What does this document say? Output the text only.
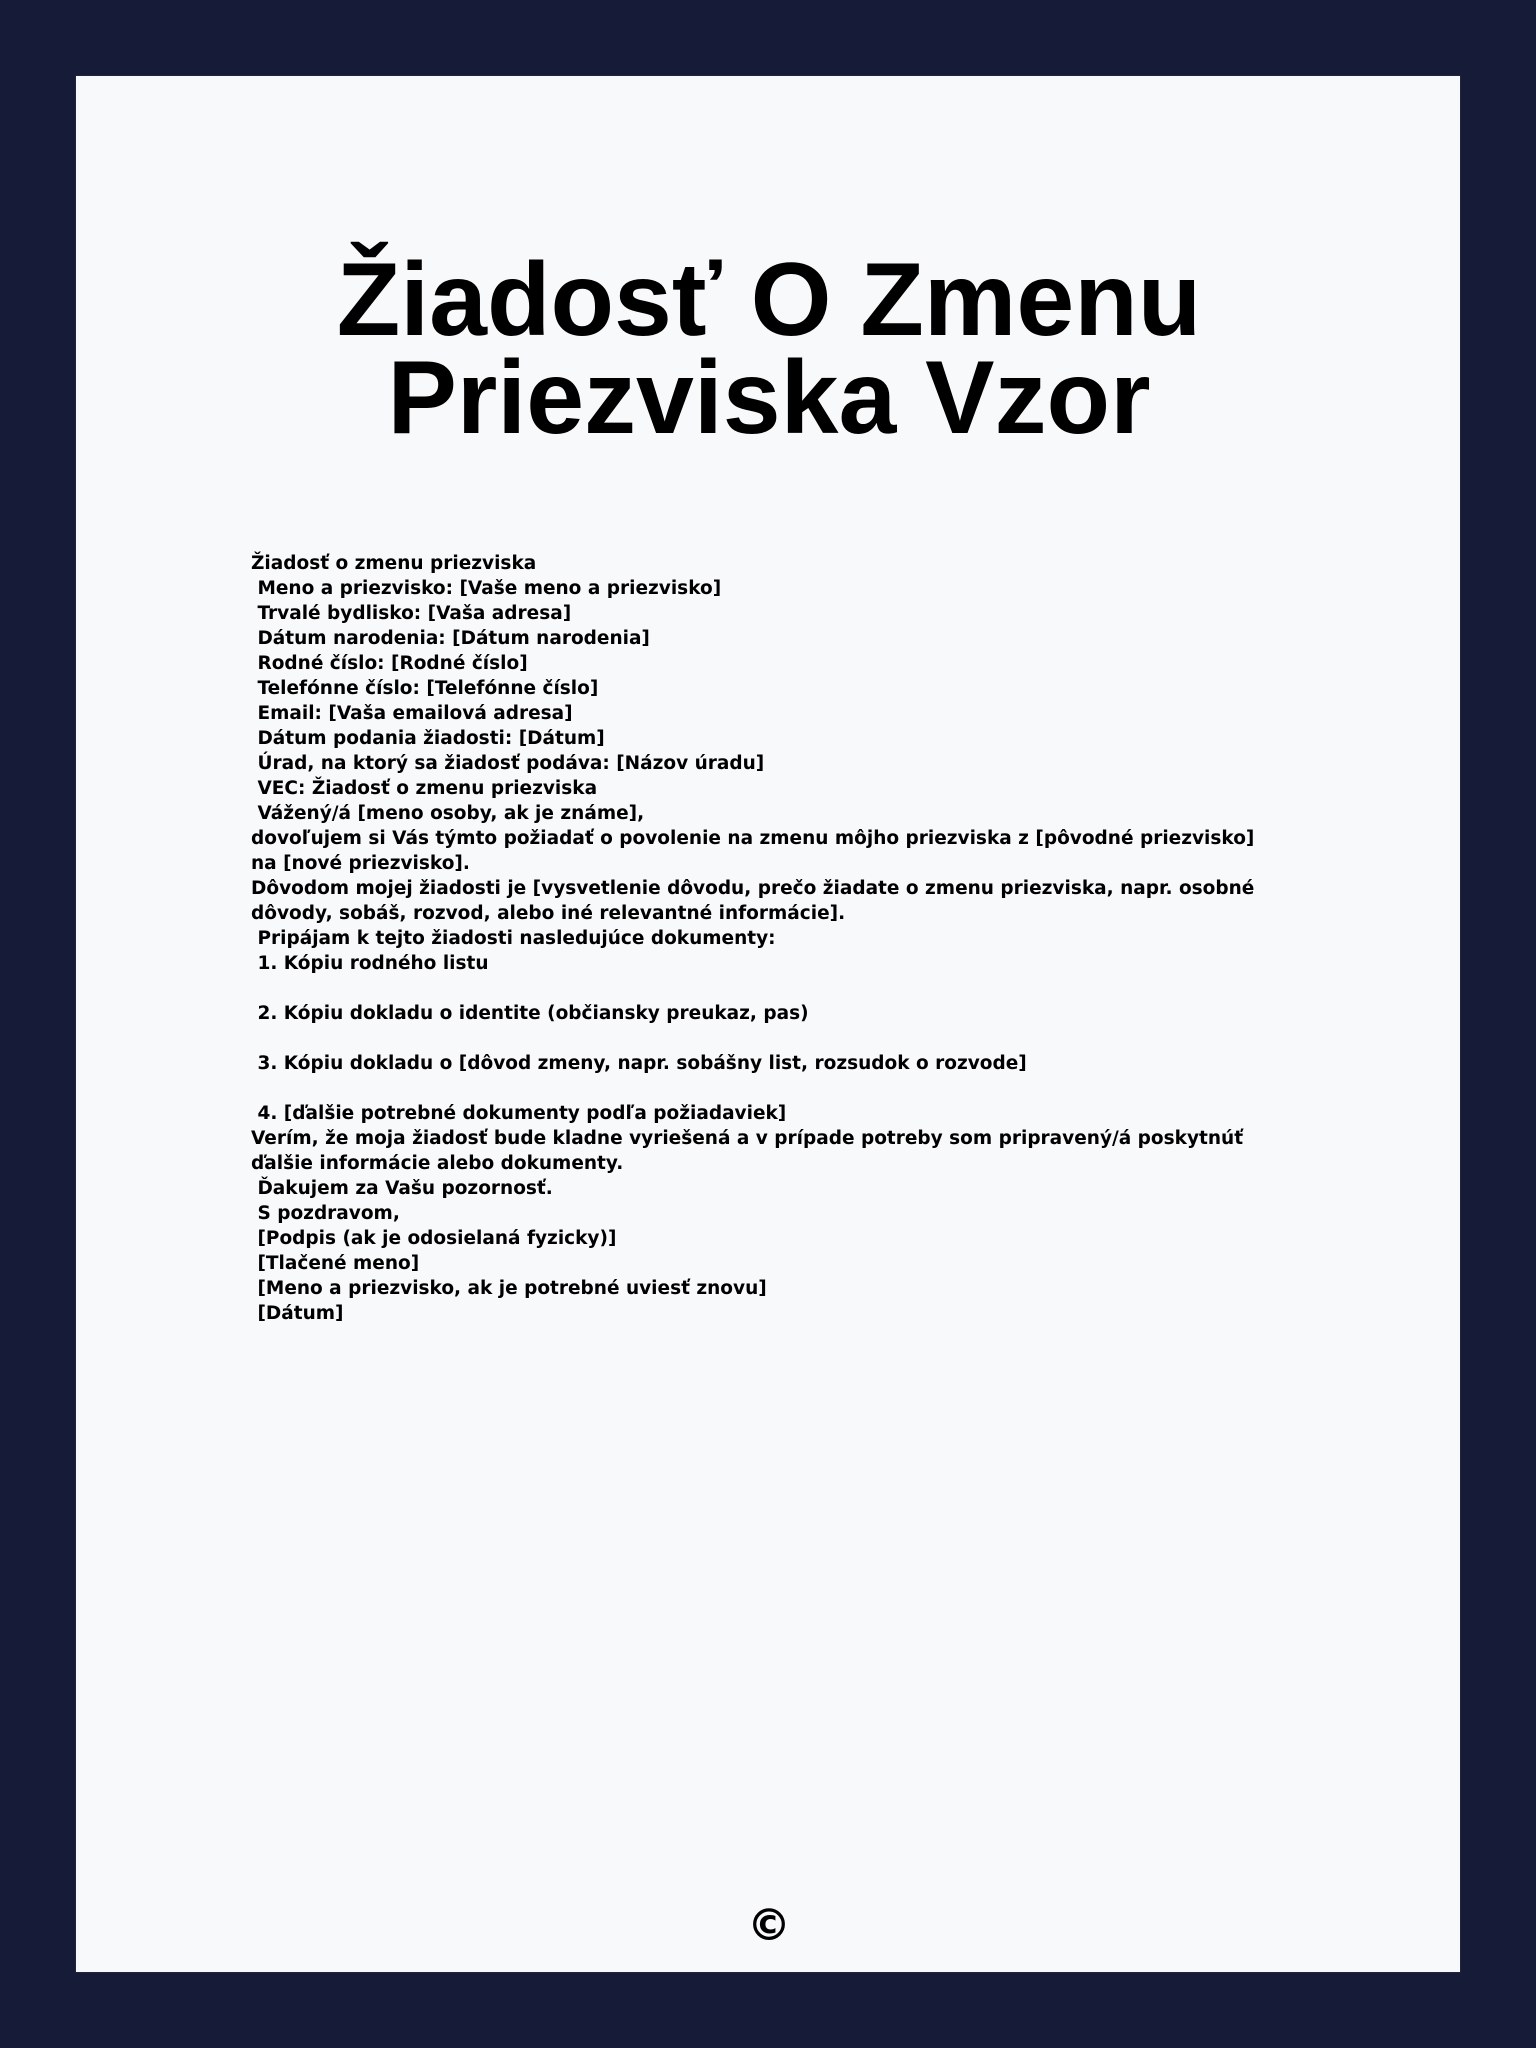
Žiadosť O Zmenu Priezviska Vzor
Žiadosť o zmenu priezviska
Meno a priezvisko: [Vaše meno a priezvisko]
Trvalé bydlisko: [Vaša adresa]
Dátum narodenia: [Dátum narodenia]
Rodné číslo: [Rodné číslo]
Telefónne číslo: [Telefónne číslo]
Email: [Vaša emailová adresa]
Dátum podania žiadosti: [Dátum]
Úrad, na ktorý sa žiadosť podáva: [Názov úradu]
VEC: Žiadosť o zmenu priezviska
Vážený/á [meno osoby, ak je známe],
dovoľujem si Vás týmto požiadať o povolenie na zmenu môjho priezviska z [pôvodné priezvisko] na [nové priezvisko].
Dôvodom mojej žiadosti je [vysvetlenie dôvodu, prečo žiadate o zmenu priezviska, napr. osobné dôvody, sobáš, rozvod, alebo iné relevantné informácie].
Pripájam k tejto žiadosti nasledujúce dokumenty:
1. Kópiu rodného listu

2. Kópiu dokladu o identite (občiansky preukaz, pas)

3. Kópiu dokladu o [dôvod zmeny, napr. sobášny list, rozsudok o rozvode]

4. [ďalšie potrebné dokumenty podľa požiadaviek]
Verím, že moja žiadosť bude kladne vyriešená a v prípade potreby som pripravený/á poskytnúť ďalšie informácie alebo dokumenty.
Ďakujem za Vašu pozornosť.
S pozdravom,
[Podpis (ak je odosielaná fyzicky)]
[Tlačené meno]
[Meno a priezvisko, ak je potrebné uviesť znovu]
[Dátum]
©
